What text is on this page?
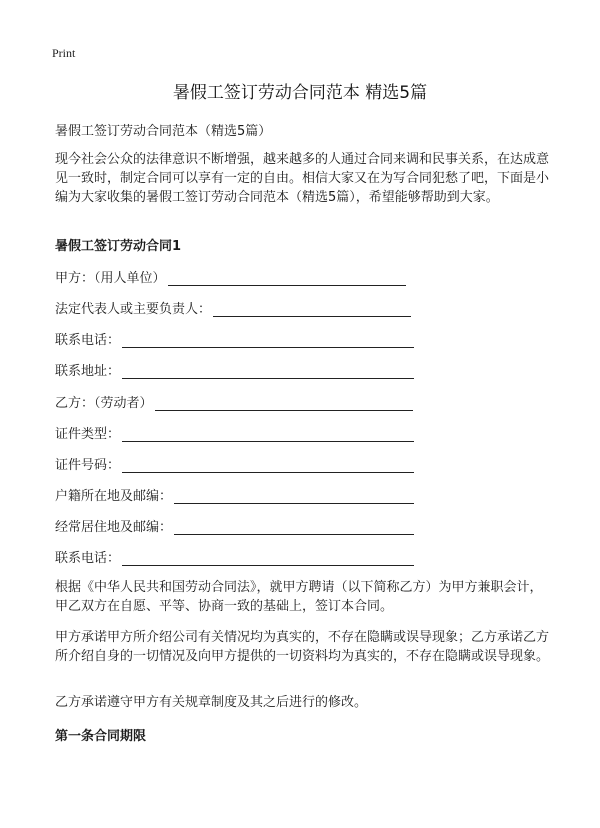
Print
暑假工签订劳动合同范本 精选5篇
暑假工签订劳动合同范本（精选5篇）

现今社会公众的法律意识不断增强，越来越多的人通过合同来调和民事关系，在达成意见一致时，制定合同可以享有一定的自由。相信大家又在为写合同犯愁了吧，下面是小编为大家收集的暑假工签订劳动合同范本（精选5篇），希望能够帮助到大家。

暑假工签订劳动合同1
甲方：（用人单位）
法定代表人或主要负责人：
联系电话：
联系地址：
乙方：（劳动者）
证件类型：
证件号码：
户籍所在地及邮编：
经常居住地及邮编：
联系电话：

根据《中华人民共和国劳动合同法》，就甲方聘请（以下简称乙方）为甲方兼职会计，甲乙双方在自愿、平等、协商一致的基础上，签订本合同。

甲方承诺甲方所介绍公司有关情况均为真实的，不存在隐瞒或误导现象；乙方承诺乙方所介绍自身的一切情况及向甲方提供的一切资料均为真实的，不存在隐瞒或误导现象。

乙方承诺遵守甲方有关规章制度及其之后进行的修改。

第一条合同期限
